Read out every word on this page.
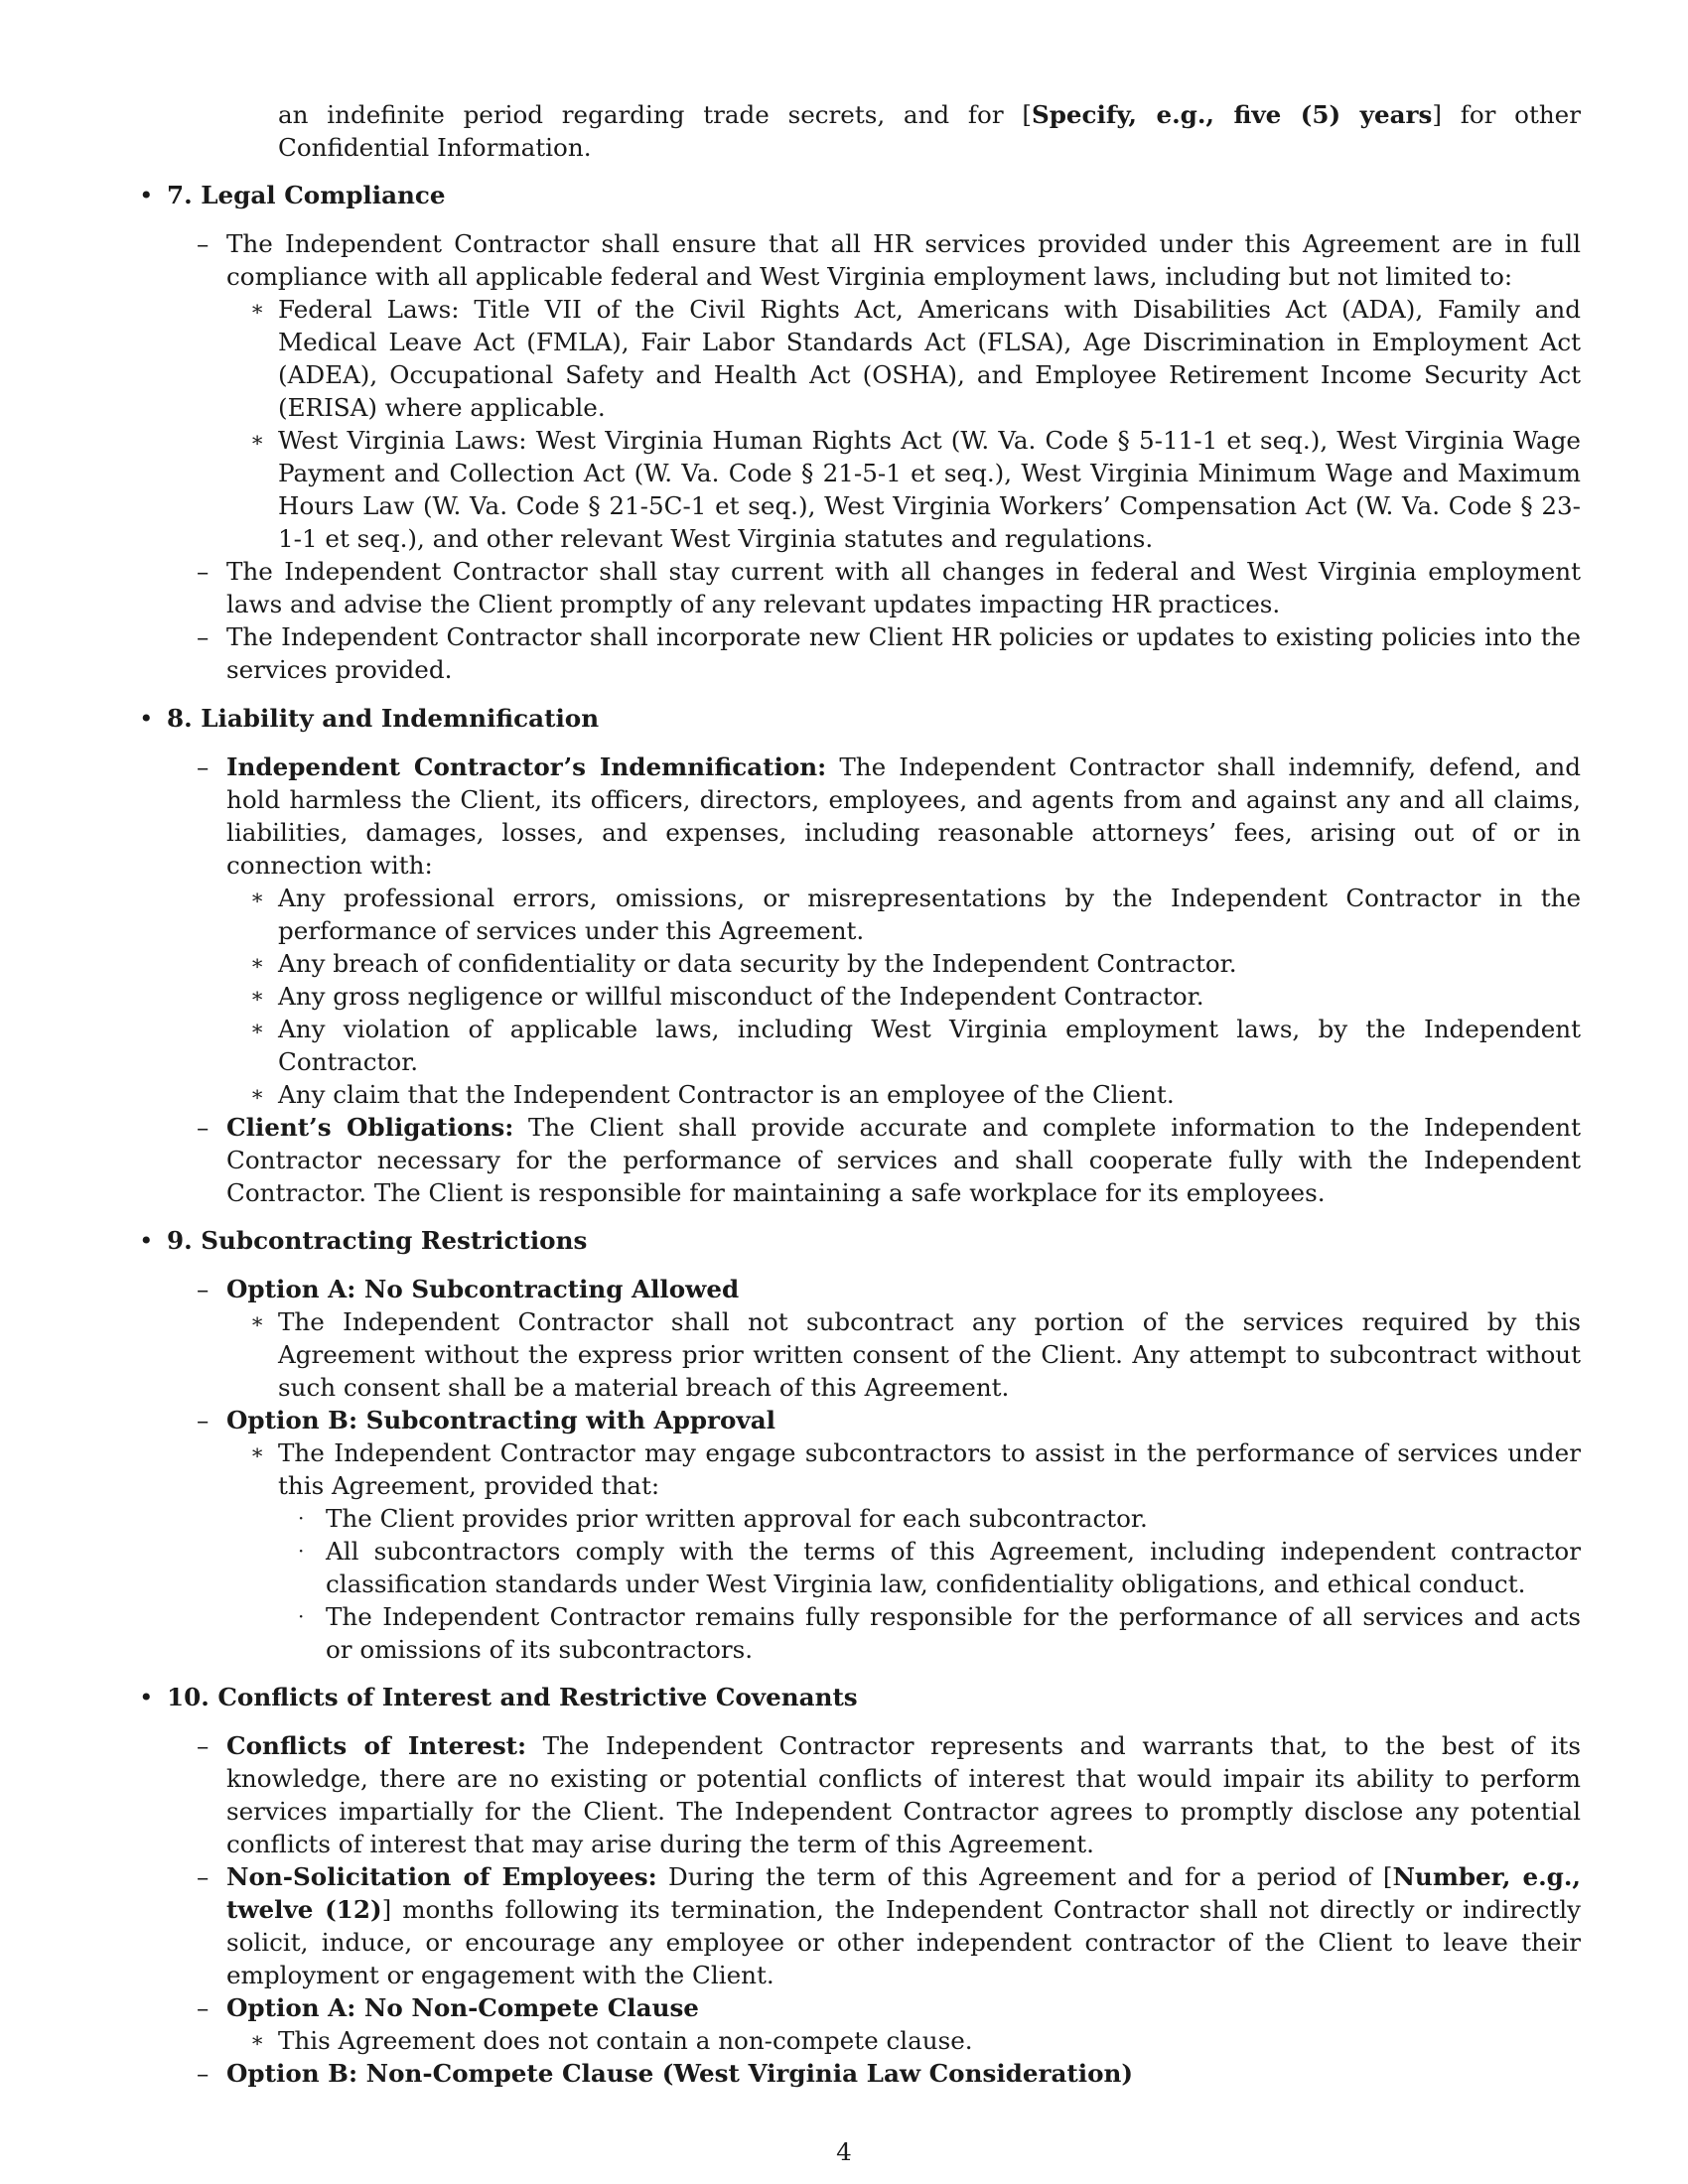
an indefinite period regarding trade secrets, and for [Specify, e.g., five (5) years] for other Confidential Information.
• 7. Legal Compliance
– The Independent Contractor shall ensure that all HR services provided under this Agreement are in full compliance with all applicable federal and West Virginia employment laws, including but not limited to:
∗ Federal Laws: Title VII of the Civil Rights Act, Americans with Disabilities Act (ADA), Family and Medical Leave Act (FMLA), Fair Labor Standards Act (FLSA), Age Discrimination in Employment Act (ADEA), Occupational Safety and Health Act (OSHA), and Employee Retirement Income Security Act (ERISA) where applicable.
∗ West Virginia Laws: West Virginia Human Rights Act (W. Va. Code § 5-11-1 et seq.), West Virginia Wage Payment and Collection Act (W. Va. Code § 21-5-1 et seq.), West Virginia Minimum Wage and Maximum Hours Law (W. Va. Code § 21-5C-1 et seq.), West Virginia Workers’ Compensation Act (W. Va. Code § 23-1-1 et seq.), and other relevant West Virginia statutes and regulations.
– The Independent Contractor shall stay current with all changes in federal and West Virginia employment laws and advise the Client promptly of any relevant updates impacting HR practices.
– The Independent Contractor shall incorporate new Client HR policies or updates to existing policies into the services provided.
• 8. Liability and Indemnification
– Independent Contractor’s Indemnification: The Independent Contractor shall indemnify, defend, and hold harmless the Client, its officers, directors, employees, and agents from and against any and all claims, liabilities, damages, losses, and expenses, including reasonable attorneys’ fees, arising out of or in connection with:
∗ Any professional errors, omissions, or misrepresentations by the Independent Contractor in the performance of services under this Agreement.
∗ Any breach of confidentiality or data security by the Independent Contractor.
∗ Any gross negligence or willful misconduct of the Independent Contractor.
∗ Any violation of applicable laws, including West Virginia employment laws, by the Independent Contractor.
∗ Any claim that the Independent Contractor is an employee of the Client.
– Client’s Obligations: The Client shall provide accurate and complete information to the Independent Contractor necessary for the performance of services and shall cooperate fully with the Independent Contractor. The Client is responsible for maintaining a safe workplace for its employees.
• 9. Subcontracting Restrictions
– Option A: No Subcontracting Allowed
∗ The Independent Contractor shall not subcontract any portion of the services required by this Agreement without the express prior written consent of the Client. Any attempt to subcontract without such consent shall be a material breach of this Agreement.
– Option B: Subcontracting with Approval
∗ The Independent Contractor may engage subcontractors to assist in the performance of services under this Agreement, provided that:
· The Client provides prior written approval for each subcontractor.
· All subcontractors comply with the terms of this Agreement, including independent contractor classification standards under West Virginia law, confidentiality obligations, and ethical conduct.
· The Independent Contractor remains fully responsible for the performance of all services and acts or omissions of its subcontractors.
• 10. Conflicts of Interest and Restrictive Covenants
– Conflicts of Interest: The Independent Contractor represents and warrants that, to the best of its knowledge, there are no existing or potential conflicts of interest that would impair its ability to perform services impartially for the Client. The Independent Contractor agrees to promptly disclose any potential conflicts of interest that may arise during the term of this Agreement.
– Non-Solicitation of Employees: During the term of this Agreement and for a period of [Number, e.g., twelve (12)] months following its termination, the Independent Contractor shall not directly or indirectly solicit, induce, or encourage any employee or other independent contractor of the Client to leave their employment or engagement with the Client.
– Option A: No Non-Compete Clause
∗ This Agreement does not contain a non-compete clause.
– Option B: Non-Compete Clause (West Virginia Law Consideration)
4
